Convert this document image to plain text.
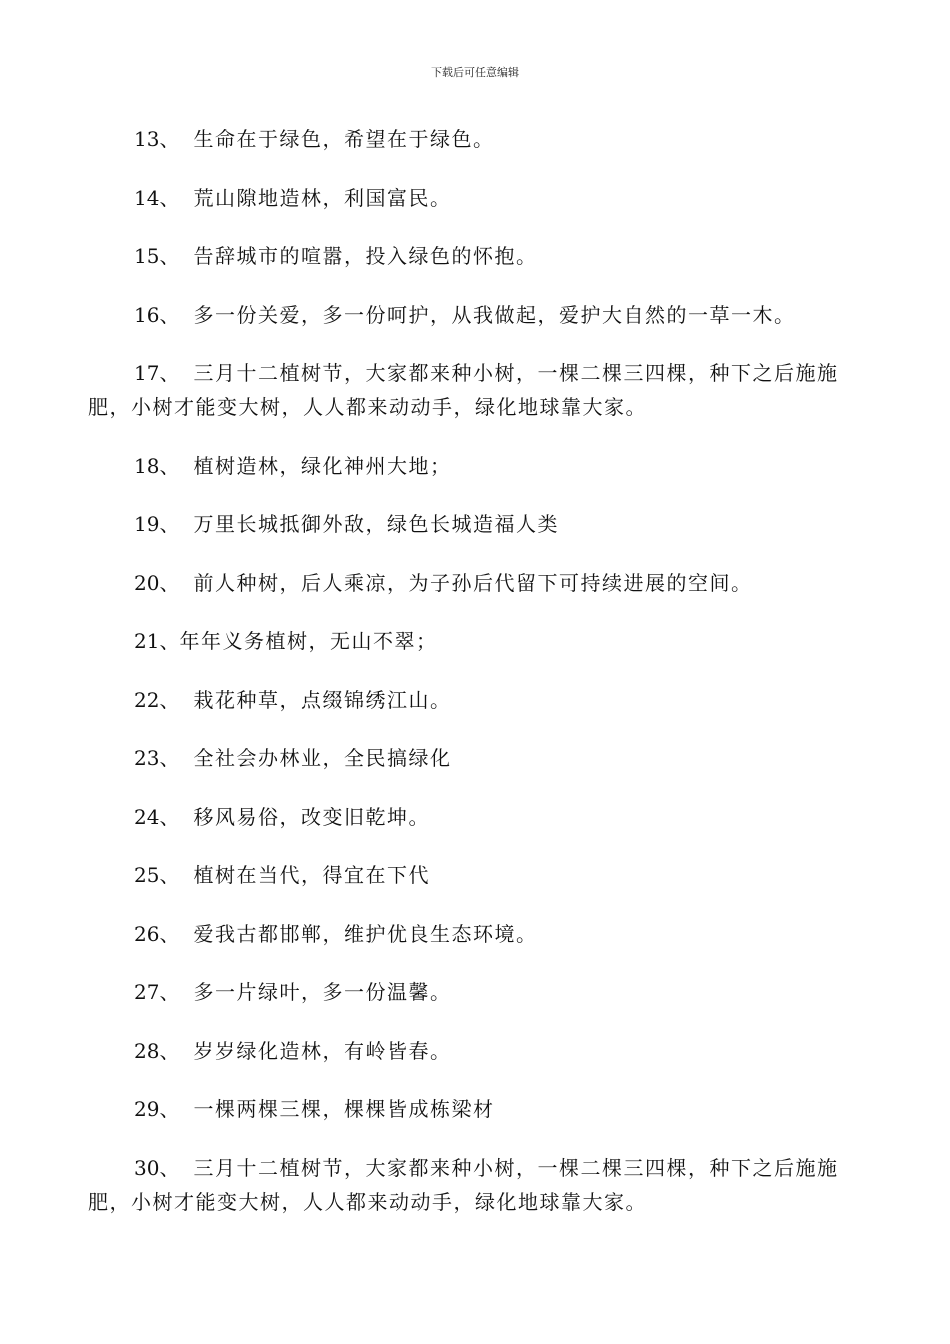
下载后可任意编辑

13、 生命在于绿色，希望在于绿色。

14、 荒山隙地造林，利国富民。

15、 告辞城市的喧嚣，投入绿色的怀抱。

16、 多一份关爱，多一份呵护，从我做起，爱护大自然的一草一木。

17、 三月十二植树节，大家都来种小树，一棵二棵三四棵，种下之后施施肥，小树才能变大树，人人都来动动手，绿化地球靠大家。

18、 植树造林，绿化神州大地；

19、 万里长城抵御外敌，绿色长城造福人类

20、 前人种树，后人乘凉，为子孙后代留下可持续进展的空间。

21、年年义务植树，无山不翠；

22、 栽花种草，点缀锦绣江山。

23、 全社会办林业，全民搞绿化

24、 移风易俗，改变旧乾坤。

25、 植树在当代，得宜在下代

26、 爱我古都邯郸，维护优良生态环境。

27、 多一片绿叶，多一份温馨。

28、 岁岁绿化造林，有岭皆春。

29、 一棵两棵三棵，棵棵皆成栋梁材

30、 三月十二植树节，大家都来种小树，一棵二棵三四棵，种下之后施施肥，小树才能变大树，人人都来动动手，绿化地球靠大家。
